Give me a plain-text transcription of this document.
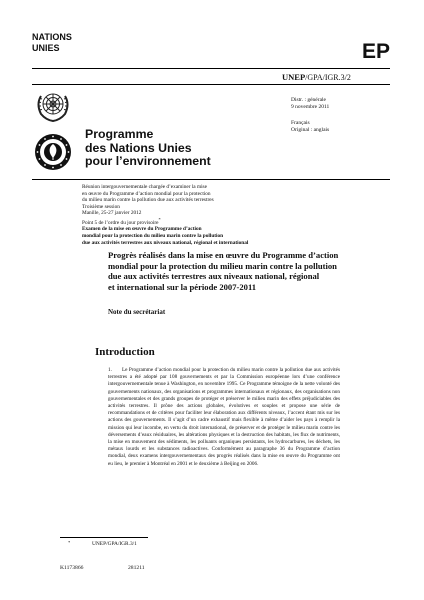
NATIONS
UNIES	EP
UNEP/GPA/IGR.3/2
Distr. : générale
9 novembre 2011
Français
Original : anglais
Programme
des Nations Unies
pour l’environnement
Réunion intergouvernementale chargée d’examiner la mise
en œuvre du Programme d’action mondial pour la protection
du milieu marin contre la pollution due aux activités terrestres
Troisième session
Manille, 25-27 janvier 2012
Point 5 de l’ordre du jour provisoire*
Examen de la mise en œuvre du Programme d’action
mondial pour la protection du milieu marin contre la pollution
due aux activités terrestres aux niveaux national, régional et international
Progrès réalisés dans la mise en œuvre du Programme d’action
mondial pour la protection du milieu marin contre la pollution
due aux activités terrestres aux niveaux national, régional
et international sur la période 2007-2011
Note du secrétariat
Introduction
1. Le Programme d’action mondial pour la protection du milieu marin contre la pollution due aux activités terrestres a été adopté par 108 gouvernements et par la Commission européenne lors d’une conférence intergouvernementale tenue à Washington, en novembre 1995. Ce Programme témoigne de la nette volonté des gouvernements nationaux, des organisations et programmes internationaux et régionaux, des organisations non gouvernementales et des grands groupes de protéger et préserver le milieu marin des effets préjudiciables des activités terrestres. Il prône des actions globales, évolutives et souples et propose une série de recommandations et de critères pour faciliter leur élaboration aux différents niveaux, l’accent étant mis sur les actions des gouvernements. Il s’agit d’un cadre exhaustif mais flexible à même d’aider les pays à remplir la mission qui leur incombe, en vertu du droit international, de préserver et de protéger le milieu marin contre les déversements d’eaux résiduaires, les altérations physiques et la destruction des habitats, les flux de nutriments, la mise en mouvement des sédiments, les polluants organiques persistants, les hydrocarbures, les déchets, les métaux lourds et les substances radioactives. Conformément au paragraphe 36 du Programme d’action mondial, deux examens intergouvernementaux des progrès réalisés dans la mise en œuvre du Programme ont eu lieu, le premier à Montréal en 2001 et le deuxième à Beijing en 2006.
*	UNEP/GPA/IGR.3/1
K1173866	281211
